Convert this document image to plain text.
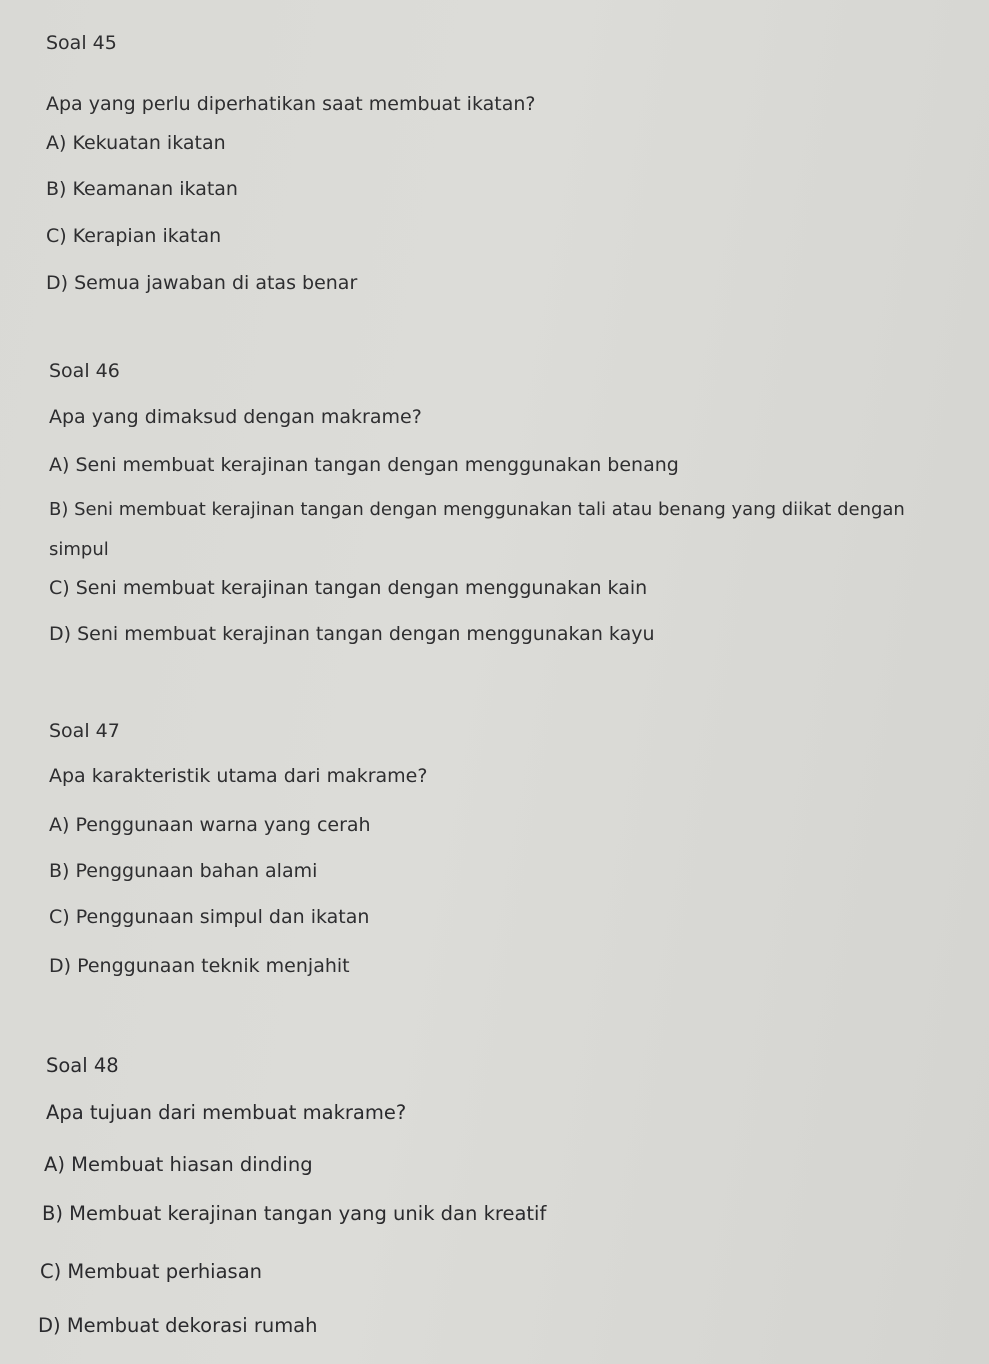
Soal 45
Apa yang perlu diperhatikan saat membuat ikatan?
A) Kekuatan ikatan
B) Keamanan ikatan
C) Kerapian ikatan
D) Semua jawaban di atas benar
Soal 46
Apa yang dimaksud dengan makrame?
A) Seni membuat kerajinan tangan dengan menggunakan benang
B) Seni membuat kerajinan tangan dengan menggunakan tali atau benang yang diikat dengan simpul
C) Seni membuat kerajinan tangan dengan menggunakan kain
D) Seni membuat kerajinan tangan dengan menggunakan kayu
Soal 47
Apa karakteristik utama dari makrame?
A) Penggunaan warna yang cerah
B) Penggunaan bahan alami
C) Penggunaan simpul dan ikatan
D) Penggunaan teknik menjahit
Soal 48
Apa tujuan dari membuat makrame?
A) Membuat hiasan dinding
B) Membuat kerajinan tangan yang unik dan kreatif
C) Membuat perhiasan
D) Membuat dekorasi rumah
